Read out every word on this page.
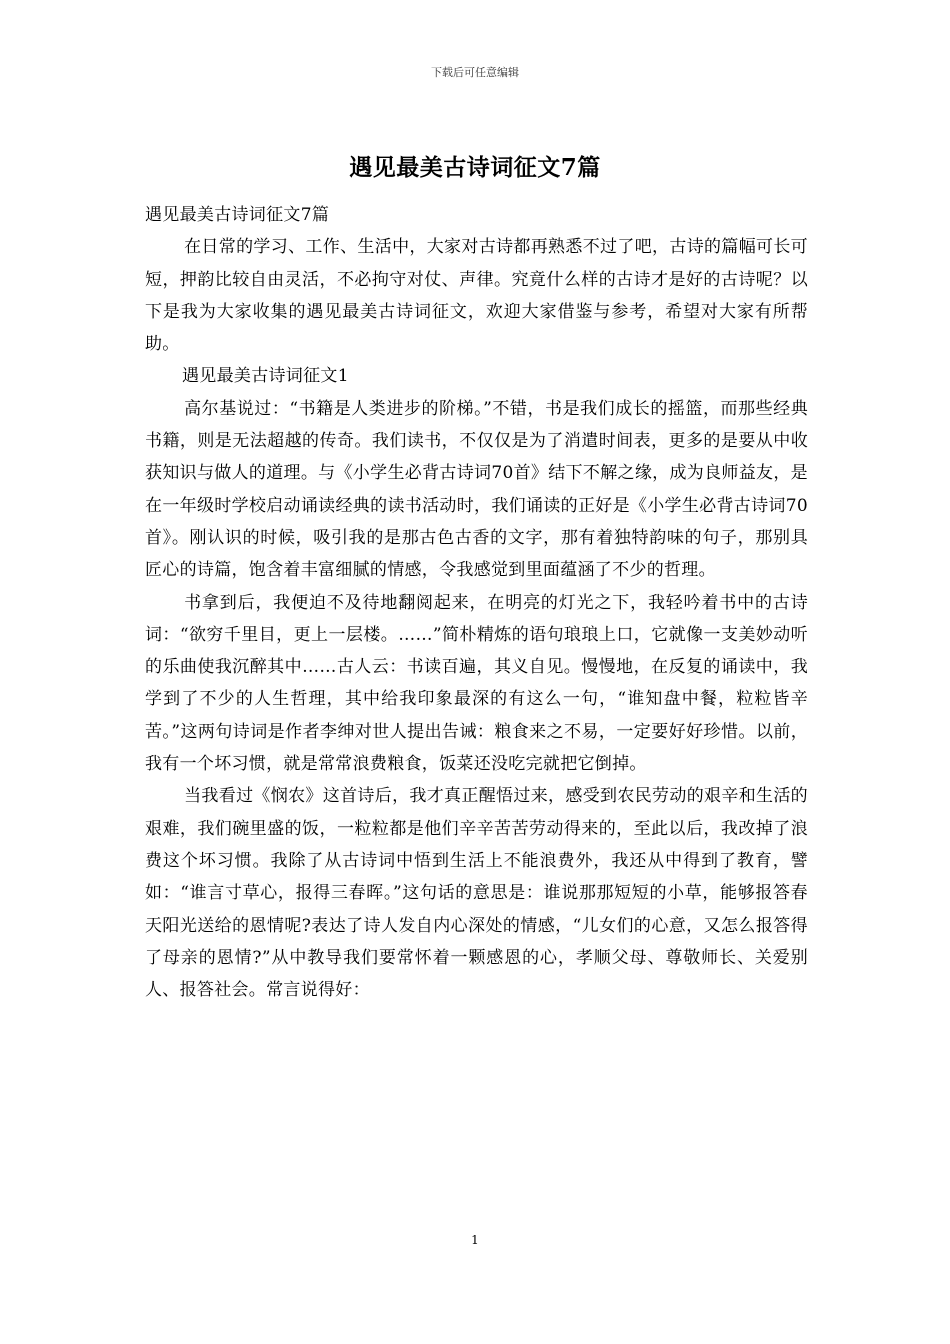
下载后可任意编辑
遇见最美古诗词征文7篇

遇见最美古诗词征文7篇

在日常的学习、工作、生活中，大家对古诗都再熟悉不过了吧，古诗的篇幅可长可短，押韵比较自由灵活，不必拘守对仗、声律。究竟什么样的古诗才是好的古诗呢？以下是我为大家收集的遇见最美古诗词征文，欢迎大家借鉴与参考，希望对大家有所帮助。

遇见最美古诗词征文1

高尔基说过：“书籍是人类进步的阶梯。”不错，书是我们成长的摇篮，而那些经典书籍，则是无法超越的传奇。我们读书，不仅仅是为了消遣时间表，更多的是要从中收获知识与做人的道理。与《小学生必背古诗词70首》结下不解之缘，成为良师益友，是在一年级时学校启动诵读经典的读书活动时，我们诵读的正好是《小学生必背古诗词70首》。刚认识的时候，吸引我的是那古色古香的文字，那有着独特韵味的句子，那别具匠心的诗篇，饱含着丰富细腻的情感，令我感觉到里面蕴涵了不少的哲理。

书拿到后，我便迫不及待地翻阅起来，在明亮的灯光之下，我轻吟着书中的古诗词：“欲穷千里目，更上一层楼。……”简朴精炼的语句琅琅上口，它就像一支美妙动听的乐曲使我沉醉其中……古人云：书读百遍，其义自见。慢慢地，在反复的诵读中，我学到了不少的人生哲理，其中给我印象最深的有这么一句，“谁知盘中餐，粒粒皆辛苦。”这两句诗词是作者李绅对世人提出告诫：粮食来之不易，一定要好好珍惜。以前，我有一个坏习惯，就是常常浪费粮食，饭菜还没吃完就把它倒掉。

当我看过《悯农》这首诗后，我才真正醒悟过来，感受到农民劳动的艰辛和生活的艰难，我们碗里盛的饭，一粒粒都是他们辛辛苦苦劳动得来的，至此以后，我改掉了浪费这个坏习惯。我除了从古诗词中悟到生活上不能浪费外，我还从中得到了教育，譬如：“谁言寸草心，报得三春晖。”这句话的意思是：谁说那那短短的小草，能够报答春天阳光送给的恩情呢?表达了诗人发自内心深处的情感，“儿女们的心意，又怎么报答得了母亲的恩情?”从中教导我们要常怀着一颗感恩的心，孝顺父母、尊敬师长、关爱别人、报答社会。常言说得好：

1
